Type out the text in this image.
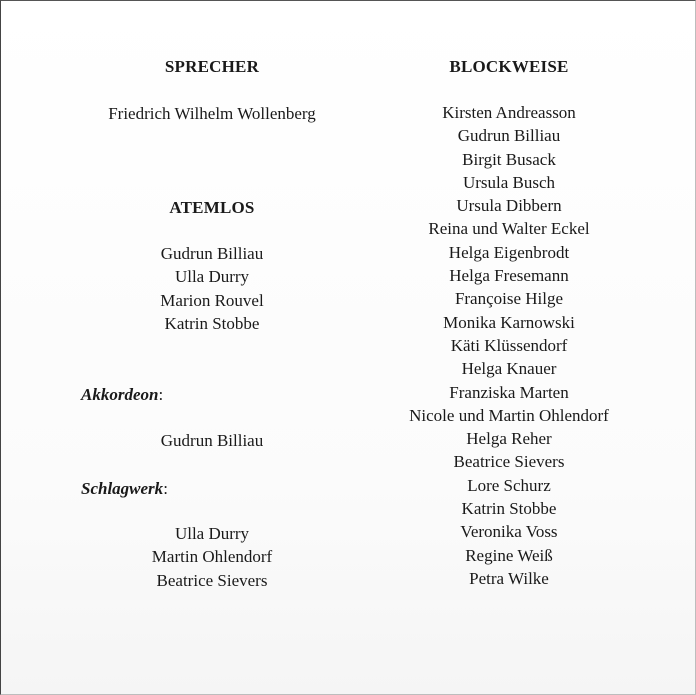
SPRECHER
Friedrich Wilhelm Wollenberg
ATEMLOS
Gudrun Billiau
Ulla Durry
Marion Rouvel
Katrin Stobbe
Akkordeon:
Gudrun Billiau
Schlagwerk:
Ulla Durry
Martin Ohlendorf
Beatrice Sievers
BLOCKWEISE
Kirsten Andreasson
Gudrun Billiau
Birgit Busack
Ursula Busch
Ursula Dibbern
Reina und Walter Eckel
Helga Eigenbrodt
Helga Fresemann
Françoise Hilge
Monika Karnowski
Käti Klüssendorf
Helga Knauer
Franziska Marten
Nicole und Martin Ohlendorf
Helga Reher
Beatrice Sievers
Lore Schurz
Katrin Stobbe
Veronika Voss
Regine Weiß
Petra Wilke
